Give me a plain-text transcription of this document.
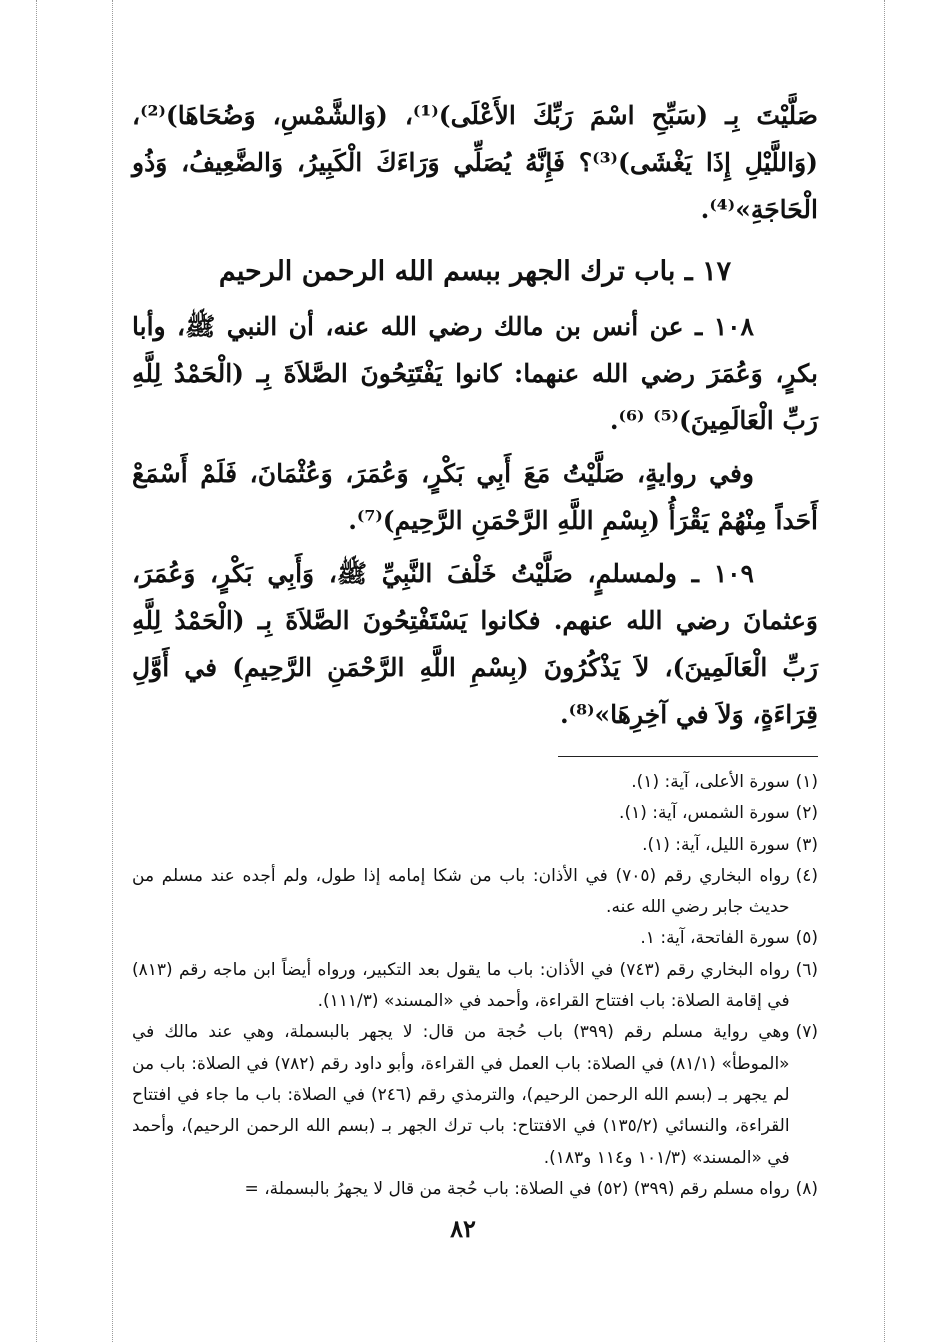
صَلَّيْتَ بِـ (سَبِّحِ اسْمَ رَبِّكَ الأَعْلَى)⁽¹⁾، (وَالشَّمْسِ، وَضُحَاهَا)⁽²⁾، (وَاللَّيْلِ إِذَا يَغْشَى)⁽³⁾؟ فَإِنَّهُ يُصَلِّي وَرَاءَكَ الْكَبِيرُ، وَالضَّعِيفُ، وَذُو الْحَاجَةِ»⁽⁴⁾.

١٧ ـ باب ترك الجهر ببسم الله الرحمن الرحيم

١٠٨ ـ عن أنس بن مالك رضي الله عنه، أن النبي ﷺ، وأبا بكرٍ، وَعُمَرَ رضي الله عنهما: كانوا يَفْتَتِحُونَ الصَّلاَةَ بِـ (الْحَمْدُ لِلَّهِ رَبِّ الْعَالَمِينَ)⁽⁵⁾ ⁽⁶⁾.

وفي روايةٍ، صَلَّيْتُ مَعَ أَبِي بَكْرٍ، وَعُمَرَ، وَعُثْمَانَ، فَلَمْ أَسْمَعْ أَحَداً مِنْهُمْ يَقْرَأُ (بِسْمِ اللَّهِ الرَّحْمَنِ الرَّحِيمِ)⁽⁷⁾.

١٠٩ ـ ولمسلمٍ، صَلَّيْتُ خَلْفَ النَّبِيِّ ﷺ، وَأَبِي بَكْرٍ، وَعُمَرَ، وَعثمانَ رضي الله عنهم. فكانوا يَسْتَفْتِحُونَ الصَّلاَةَ بِـ (الْحَمْدُ لِلَّهِ رَبِّ الْعَالَمِينَ)، لاَ يَذْكُرُونَ (بِسْمِ اللَّهِ الرَّحْمَنِ الرَّحِيمِ) في أَوَّلِ قِرَاءَةٍ، وَلاَ في آخِرِهَا»⁽⁸⁾.

(١)
سورة الأعلى، آية: (١).
(٢)
سورة الشمس، آية: (١).
(٣)
سورة الليل، آية: (١).
(٤)
رواه البخاري رقم (٧٠٥) في الأذان: باب من شكا إمامه إذا طول، ولم أجده عند مسلم من حديث جابر رضي الله عنه.
(٥)
سورة الفاتحة، آية: ١.
(٦)
رواه البخاري رقم (٧٤٣) في الأذان: باب ما يقول بعد التكبير، ورواه أيضاً ابن ماجه رقم (٨١٣) في إقامة الصلاة: باب افتتاح القراءة، وأحمد في «المسند» (١١١/٣).
(٧)
وهي رواية مسلم رقم (٣٩٩) باب حُجة من قال: لا يجهر بالبسملة، وهي عند مالك في «الموطأ» (٨١/١) في الصلاة: باب العمل في القراءة، وأبو داود رقم (٧٨٢) في الصلاة: باب من لم يجهر بـ (بسم الله الرحمن الرحيم)، والترمذي رقم (٢٤٦) في الصلاة: باب ما جاء في افتتاح القراءة، والنسائي (١٣٥/٢) في الافتتاح: باب ترك الجهر بـ (بسم الله الرحمن الرحيم)، وأحمد في «المسند» (١٠١/٣ و١١٤ و١٨٣).
(٨)
رواه مسلم رقم (٣٩٩) (٥٢) في الصلاة: باب حُجة من قال لا يجهرُ بالبسملة، =
٨٢
